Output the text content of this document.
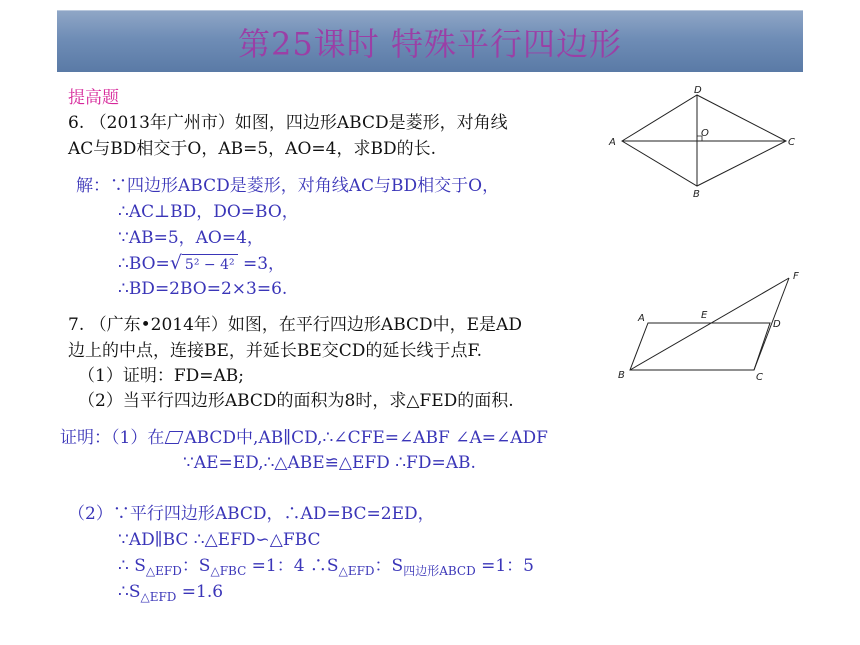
第25课时 特殊平行四边形
提高题
6. （2013年广州市）如图，四边形ABCD是菱形，对角线
AC与BD相交于O，AB=5，AO=4，求BD的长.
解：∵四边形ABCD是菱形，对角线AC与BD相交于O，
∴AC⊥BD，DO=BO，
∵AB=5，AO=4，
∴BO=√ 5² − 4² =3，
∴BD=2BO=2×3=6.
7. （广东•2014年）如图，在平行四边形ABCD中，E是AD
边上的中点，连接BE，并延长BE交CD的延长线于点F.
（1）证明：FD=AB;
（2）当平行四边形ABCD的面积为8时，求△FED的面积.
证明：（1）在 ABCD中,AB∥CD,∴∠CFE=∠ABF ∠A=∠ADF
∵AE=ED,∴△ABE≌△EFD ∴FD=AB.
（2）∵平行四边形ABCD，∴AD=BC=2ED，
∵AD∥BC ∴△EFD∽△FBC
∴ $S_{\triangle EFD}$：$S_{\triangle FBC} =1$：4 $\therefore S_{\triangle EFD}$：$S_{四边形ABCD} =1$：5
$\therefore S_{\triangle EFD} =1.6$
D
A	C
O
B
F
A	E
D
B	C
